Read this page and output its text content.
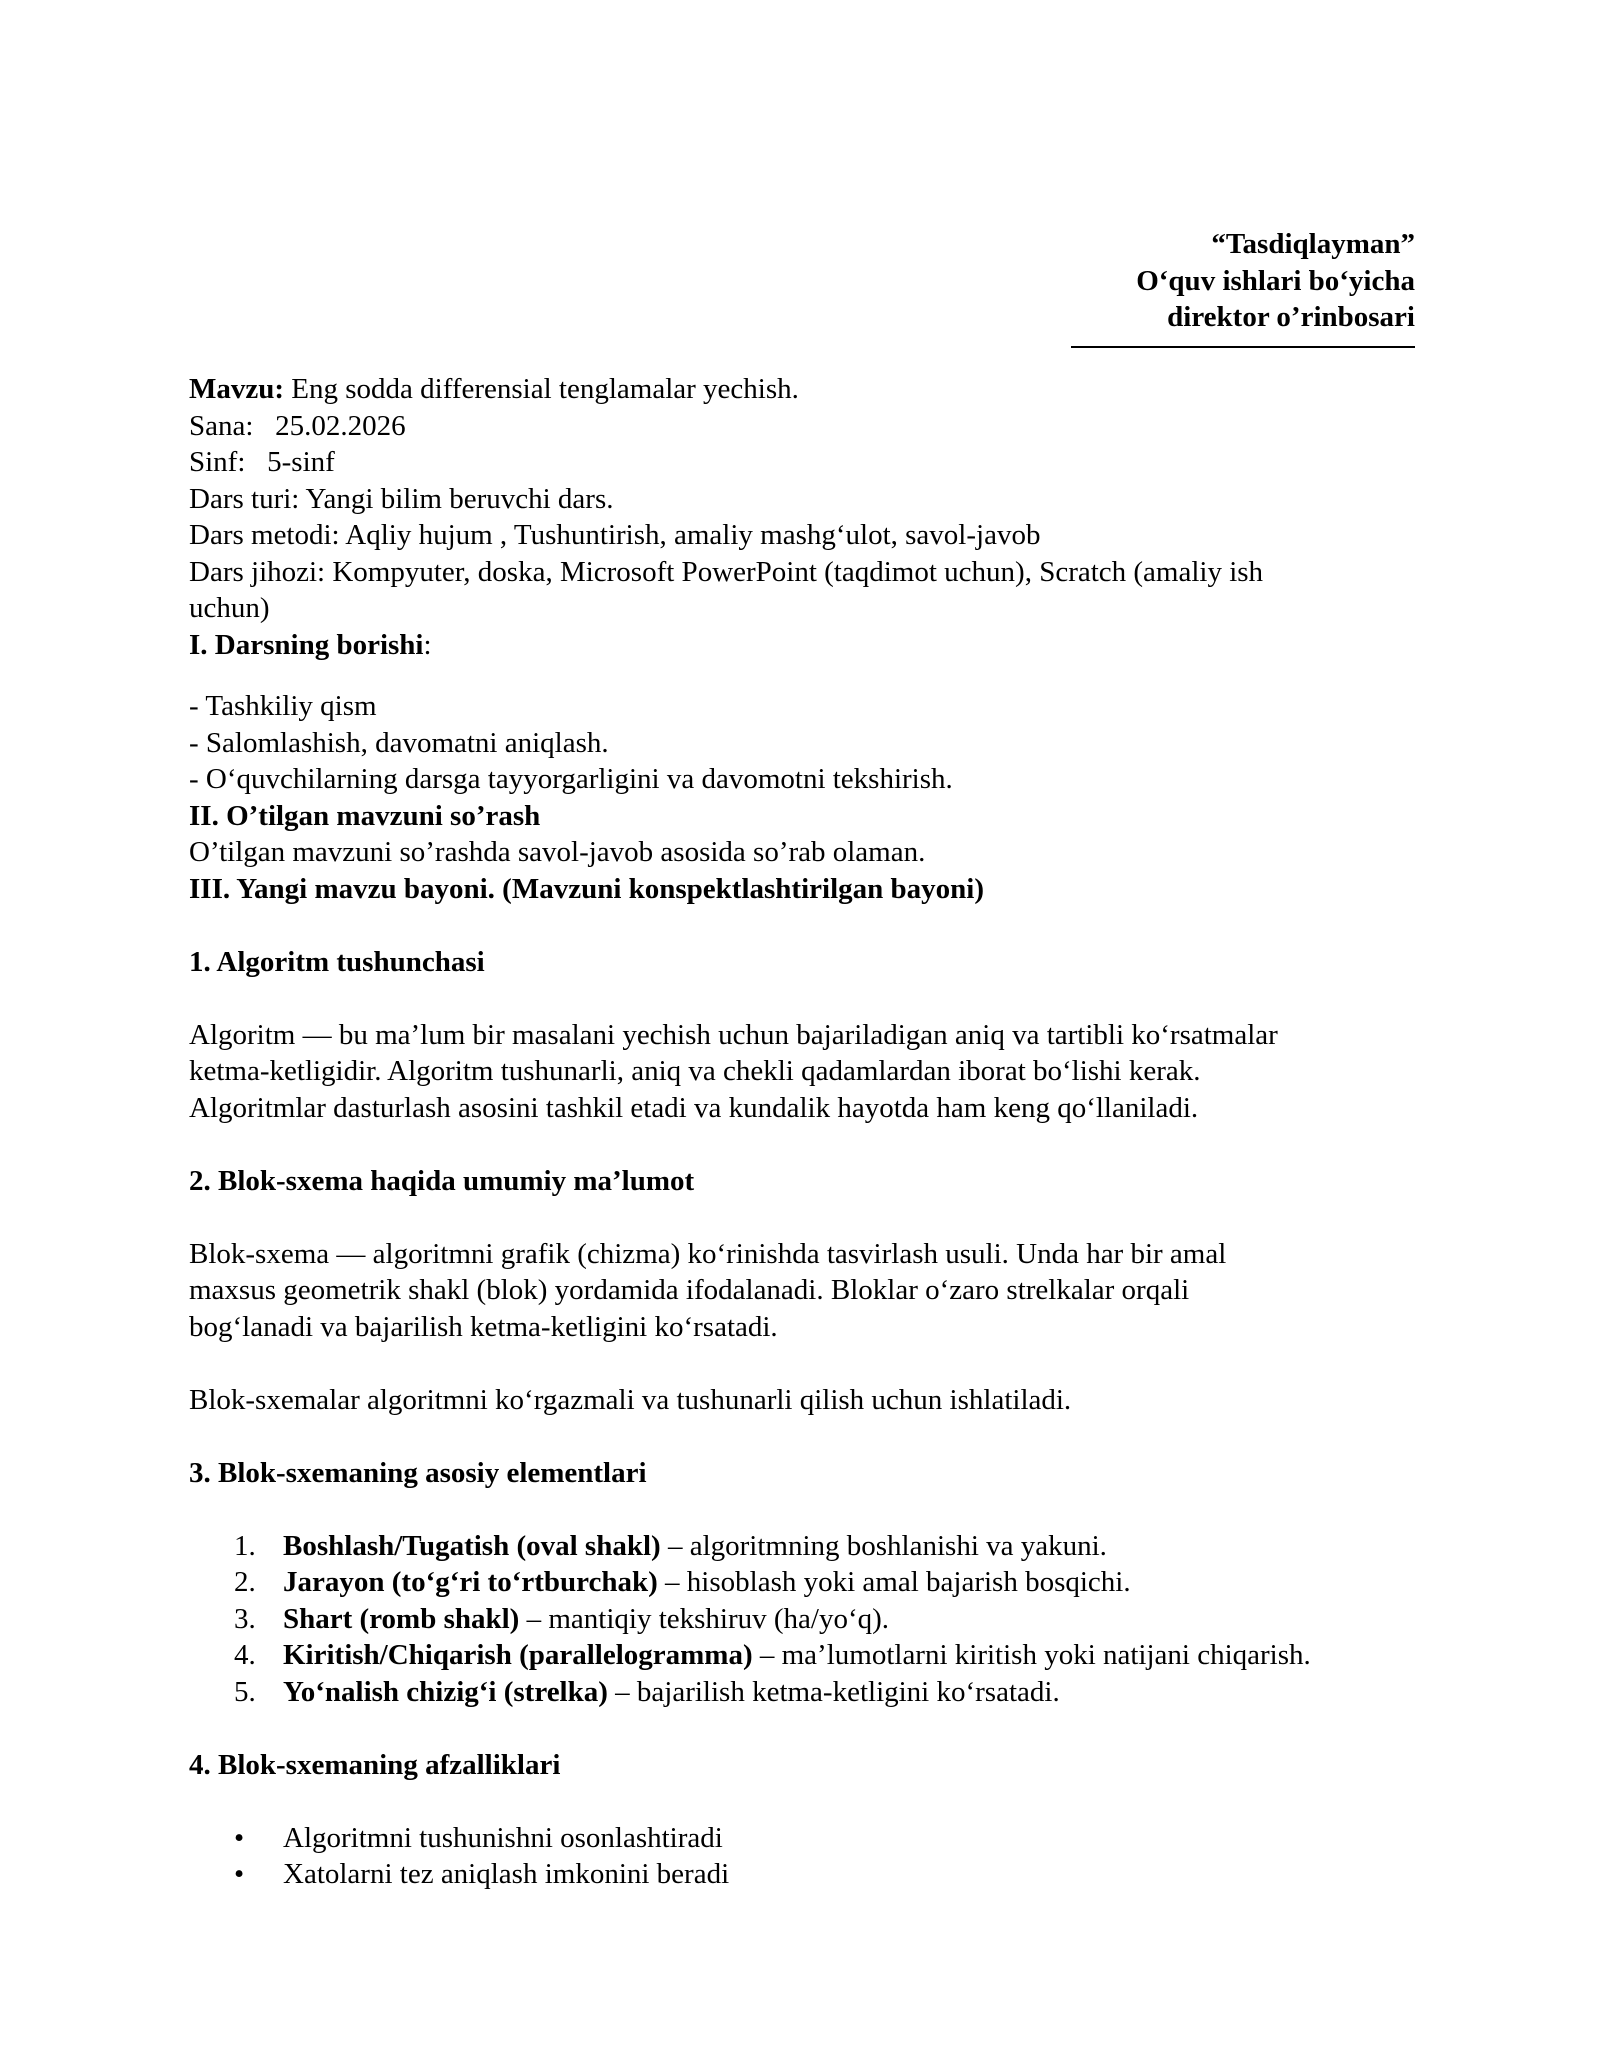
“Tasdiqlayman”
O‘quv ishlari bo‘yicha
direktor o’rinbosari
Mavzu: Eng sodda differensial tenglamalar yechish.
Sana:   25.02.2026
Sinf:   5-sinf
Dars turi: Yangi bilim beruvchi dars.
Dars metodi: Aqliy hujum , Tushuntirish, amaliy mashg‘ulot, savol-javob
Dars jihozi: Kompyuter, doska, Microsoft PowerPoint (taqdimot uchun), Scratch (amaliy ish
uchun)
I. Darsning borishi:
- Tashkiliy qism
- Salomlashish, davomatni aniqlash.
- O‘quvchilarning darsga tayyorgarligini va davomotni tekshirish.
II. O’tilgan mavzuni so’rash
O’tilgan mavzuni so’rashda savol-javob asosida so’rab olaman.
III. Yangi mavzu bayoni. (Mavzuni konspektlashtirilgan bayoni)
1. Algoritm tushunchasi
Algoritm — bu ma’lum bir masalani yechish uchun bajariladigan aniq va tartibli ko‘rsatmalar
ketma-ketligidir. Algoritm tushunarli, aniq va chekli qadamlardan iborat bo‘lishi kerak.
Algoritmlar dasturlash asosini tashkil etadi va kundalik hayotda ham keng qo‘llaniladi.
2. Blok-sxema haqida umumiy ma’lumot
Blok-sxema — algoritmni grafik (chizma) ko‘rinishda tasvirlash usuli. Unda har bir amal
maxsus geometrik shakl (blok) yordamida ifodalanadi. Bloklar o‘zaro strelkalar orqali
bog‘lanadi va bajarilish ketma-ketligini ko‘rsatadi.
Blok-sxemalar algoritmni ko‘rgazmali va tushunarli qilish uchun ishlatiladi.
3. Blok-sxemaning asosiy elementlari
1. Boshlash/Tugatish (oval shakl) – algoritmning boshlanishi va yakuni.
2. Jarayon (to‘g‘ri to‘rtburchak) – hisoblash yoki amal bajarish bosqichi.
3. Shart (romb shakl) – mantiqiy tekshiruv (ha/yo‘q).
4. Kiritish/Chiqarish (parallelogramma) – ma’lumotlarni kiritish yoki natijani chiqarish.
5. Yo‘nalish chizig‘i (strelka) – bajarilish ketma-ketligini ko‘rsatadi.
4. Blok-sxemaning afzalliklari
• Algoritmni tushunishni osonlashtiradi
• Xatolarni tez aniqlash imkonini beradi
